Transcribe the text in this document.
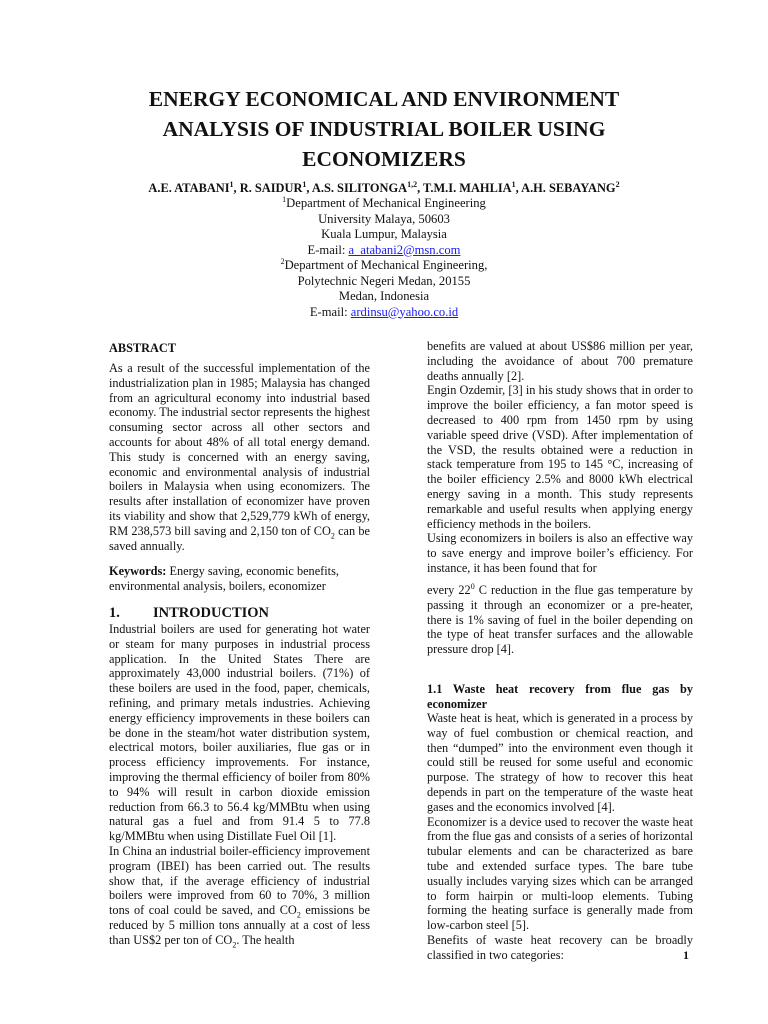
ENERGY ECONOMICAL AND ENVIRONMENT
ANALYSIS OF INDUSTRIAL BOILER USING
ECONOMIZERS
A.E. ATABANI$^1$, R. SAIDUR$^1$, A.S. SILITONGA$^{1,2}$, T.M.I. MAHLIA$^1$, A.H. SEBAYANG$^2$
$^1$Department of Mechanical Engineering
University Malaya, 50603
Kuala Lumpur, Malaysia
E-mail: a_atabani2@msn.com
$^2$Department of Mechanical Engineering,
Polytechnic Negeri Medan, 20155
Medan, Indonesia
E-mail: ardinsu@yahoo.co.id
ABSTRACT

As a result of the successful implementation of the industrialization plan in 1985; Malaysia has changed from an agricultural economy into industrial based economy. The industrial sector represents the highest consuming sector across all other sectors and accounts for about 48% of all total energy demand. This study is concerned with an energy saving, economic and environmental analysis of industrial boilers in Malaysia when using economizers. The results after installation of economizer have proven its viability and show that 2,529,779 kWh of energy, RM 238,573 bill saving and 2,150 ton of $CO_2$ can be saved annually.

Keywords: Energy saving, economic benefits, environmental analysis, boilers, economizer
1. INTRODUCTION

Industrial boilers are used for generating hot water or steam for many purposes in industrial process application. In the United States There are approximately 43,000 industrial boilers. (71%) of these boilers are used in the food, paper, chemicals, refining, and primary metals industries. Achieving energy efficiency improvements in these boilers can be done in the steam/hot water distribution system, electrical motors, boiler auxiliaries, flue gas or in process efficiency improvements. For instance, improving the thermal efficiency of boiler from 80% to 94% will result in carbon dioxide emission reduction from 66.3 to 56.4 kg/MMBtu when using natural gas a fuel and from 91.4 5 to 77.8 kg/MMBtu when using Distillate Fuel Oil [1].

In China an industrial boiler-efficiency improvement program (IBEI) has been carried out. The results show that, if the average efficiency of industrial boilers were improved from 60 to 70%, 3 million tons of coal could be saved, and $CO_2$ emissions be reduced by 5 million tons annually at a cost of less than US$2 per ton of $CO_2$. The health

benefits are valued at about US$86 million per year, including the avoidance of about 700 premature deaths annually [2].

Engin Ozdemir, [3] in his study shows that in order to improve the boiler efficiency, a fan motor speed is decreased to 400 rpm from 1450 rpm by using variable speed drive (VSD). After implementation of the VSD, the results obtained were a reduction in stack temperature from 195 to 145 °C, increasing of the boiler efficiency 2.5% and 8000 kWh electrical energy saving in a month. This study represents remarkable and useful results when applying energy efficiency methods in the boilers.

Using economizers in boilers is also an effective way to save energy and improve boiler’s efficiency. For instance, it has been found that for

every $22^0$ C reduction in the flue gas temperature by passing it through an economizer or a pre-heater, there is 1% saving of fuel in the boiler depending on the type of heat transfer surfaces and the allowable pressure drop [4].

1.1 Waste heat recovery from flue gas by economizer

Waste heat is heat, which is generated in a process by way of fuel combustion or chemical reaction, and then “dumped” into the environment even though it could still be reused for some useful and economic purpose. The strategy of how to recover this heat depends in part on the temperature of the waste heat gases and the economics involved [4].

Economizer is a device used to recover the waste heat from the flue gas and consists of a series of horizontal tubular elements and can be characterized as bare tube and extended surface types. The bare tube usually includes varying sizes which can be arranged to form hairpin or multi-loop elements. Tubing forming the heating surface is generally made from low-carbon steel [5].

Benefits of waste heat recovery can be broadly classified in two categories:	1
